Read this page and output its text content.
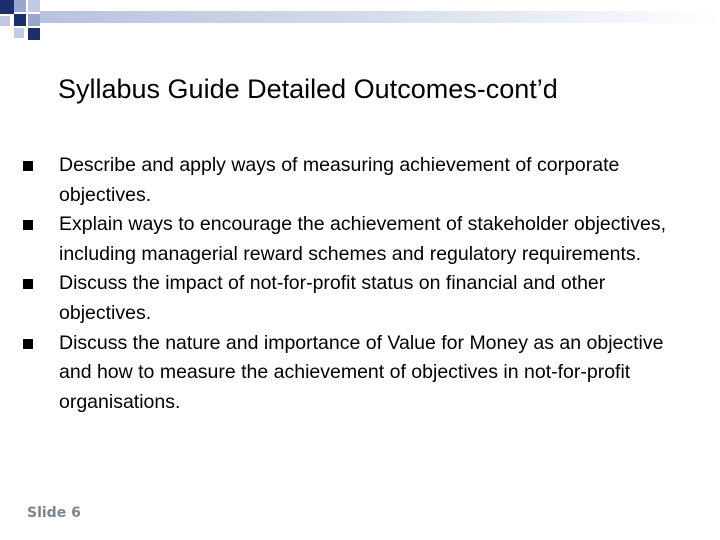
Syllabus Guide Detailed Outcomes-cont’d
Describe and apply ways of measuring achievement of corporate objectives.
Explain ways to encourage the achievement of stakeholder objectives, including managerial reward schemes and regulatory requirements.
Discuss the impact of not-for-profit status on financial and other objectives.
Discuss the nature and importance of Value for Money as an objective and how to measure the achievement of objectives in not-for-profit organisations.
Slide 6
